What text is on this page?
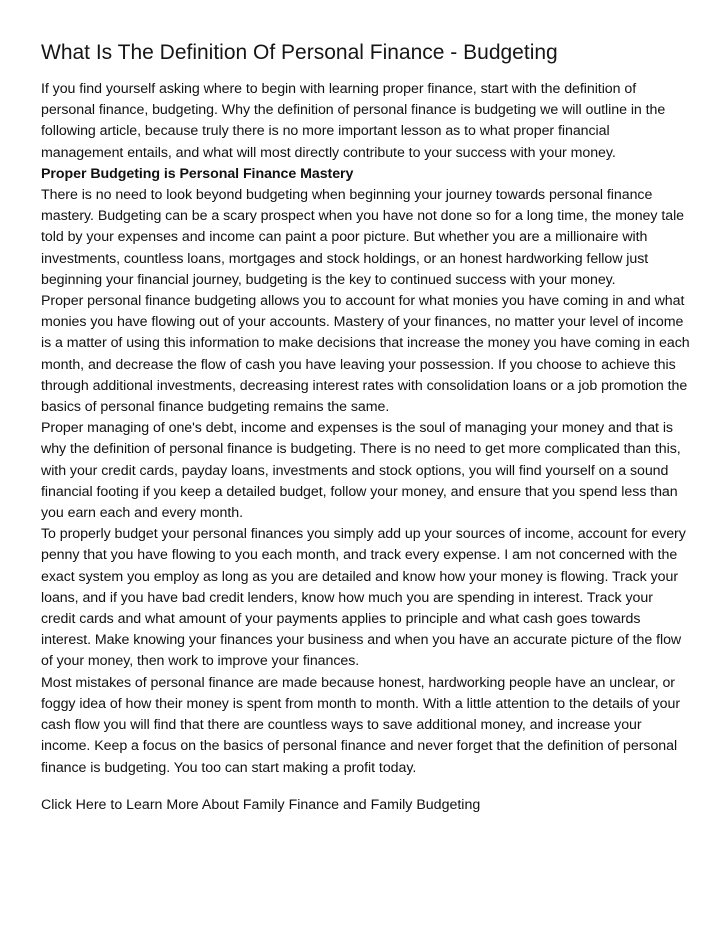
What Is The Definition Of Personal Finance - Budgeting

If you find yourself asking where to begin with learning proper finance, start with the definition of personal finance, budgeting. Why the definition of personal finance is budgeting we will outline in the following article, because truly there is no more important lesson as to what proper financial management entails, and what will most directly contribute to your success with your money.

Proper Budgeting is Personal Finance Mastery

There is no need to look beyond budgeting when beginning your journey towards personal finance mastery. Budgeting can be a scary prospect when you have not done so for a long time, the money tale told by your expenses and income can paint a poor picture. But whether you are a millionaire with investments, countless loans, mortgages and stock holdings, or an honest hardworking fellow just beginning your financial journey, budgeting is the key to continued success with your money.

Proper personal finance budgeting allows you to account for what monies you have coming in and what monies you have flowing out of your accounts. Mastery of your finances, no matter your level of income is a matter of using this information to make decisions that increase the money you have coming in each month, and decrease the flow of cash you have leaving your possession. If you choose to achieve this through additional investments, decreasing interest rates with consolidation loans or a job promotion the basics of personal finance budgeting remains the same.

Proper managing of one's debt, income and expenses is the soul of managing your money and that is why the definition of personal finance is budgeting. There is no need to get more complicated than this, with your credit cards, payday loans, investments and stock options, you will find yourself on a sound financial footing if you keep a detailed budget, follow your money, and ensure that you spend less than you earn each and every month.

To properly budget your personal finances you simply add up your sources of income, account for every penny that you have flowing to you each month, and track every expense. I am not concerned with the exact system you employ as long as you are detailed and know how your money is flowing. Track your loans, and if you have bad credit lenders, know how much you are spending in interest. Track your credit cards and what amount of your payments applies to principle and what cash goes towards interest. Make knowing your finances your business and when you have an accurate picture of the flow of your money, then work to improve your finances.

Most mistakes of personal finance are made because honest, hardworking people have an unclear, or foggy idea of how their money is spent from month to month. With a little attention to the details of your cash flow you will find that there are countless ways to save additional money, and increase your income. Keep a focus on the basics of personal finance and never forget that the definition of personal finance is budgeting. You too can start making a profit today.

Click Here to Learn More About Family Finance and Family Budgeting
